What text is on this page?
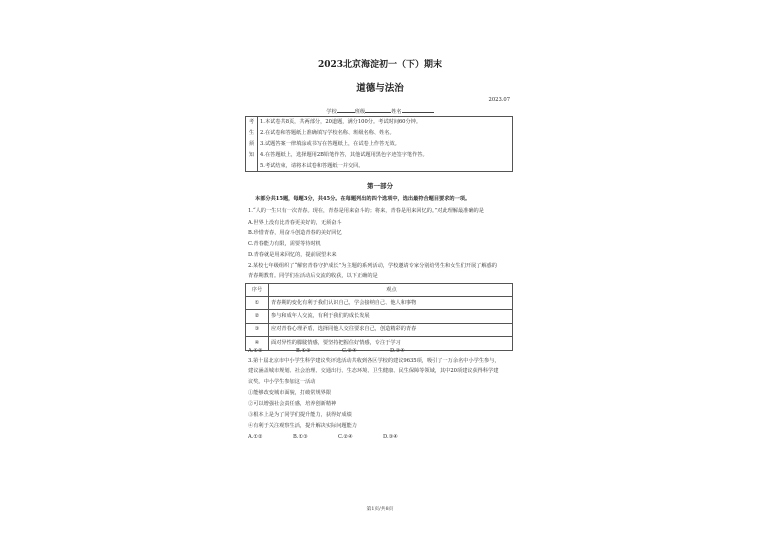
2023北京海淀初一（下）期末
道德与法治
2023.07
学校	班级	姓名
考
生
须
知
1.本试卷共8页，共两部分，20道题，满分100分。考试时间60分钟。
2.在试卷和答题纸上准确填写学校名称、班级名称、姓名。
3.试题答案一律填涂或书写在答题纸上，在试卷上作答无效。
4.在答题纸上，选择题用2B铅笔作答，其他试题用黑色字迹签字笔作答。
5.考试结束，请将本试卷和答题纸一并交回。
第一部分
本部分共15题，每题3分，共45分。在每题列出的四个选项中，选出最符合题目要求的一项。
1.“人的一生只有一次青春。现在，青春是用来奋斗的；将来，青春是用来回忆的。”对此理解最准确的是
A.世界上没有比青春更美好的，无须奋斗
B.珍惜青春，用奋斗创造青春的美好回忆
C.青春能力有限，需要等待时机
D.青春就是用来回忆的，提前展望未来
2.某校七年级组织了“解密青春守护成长”为主题的系列活动，学校邀请专家分别给男生和女生们开展了解惑的
青春期教育。同学们在活动后交流的收获，以下正确的是
序号	观点
①	青春期的变化有利于我们认识自己，学会接纳自己、他人和事物
②	参与和成年人交流，有利于我们的成长发展
③	应对青春心理矛盾，选择同他人交往要求自己，创造精彩的青春
④	面对异性的朦胧情感，要坚持把握住好情感，专注于学习
A.①②	B.①③	C.②④	D.③④
3.第十届北京市中小学生科学建议奖评选活动共收到各区学校的建议9635项，吸引了一万余名中小学生参与，
建议涵盖城市规划、社会治理、交通出行、生态环境、卫生健康、民生保障等领域，其中20项建议获得科学建
议奖。中小学生参加这一活动
①能够改变城市面貌，打破常规界限
②可以增强社会责任感，培养创新精神
③根本上是为了同学们提升能力，获得好成绩
④有利于关注观察生活，提升解决实际问题能力
A.①②	B.①③	C.②④	D.③④
第1页/共8页
